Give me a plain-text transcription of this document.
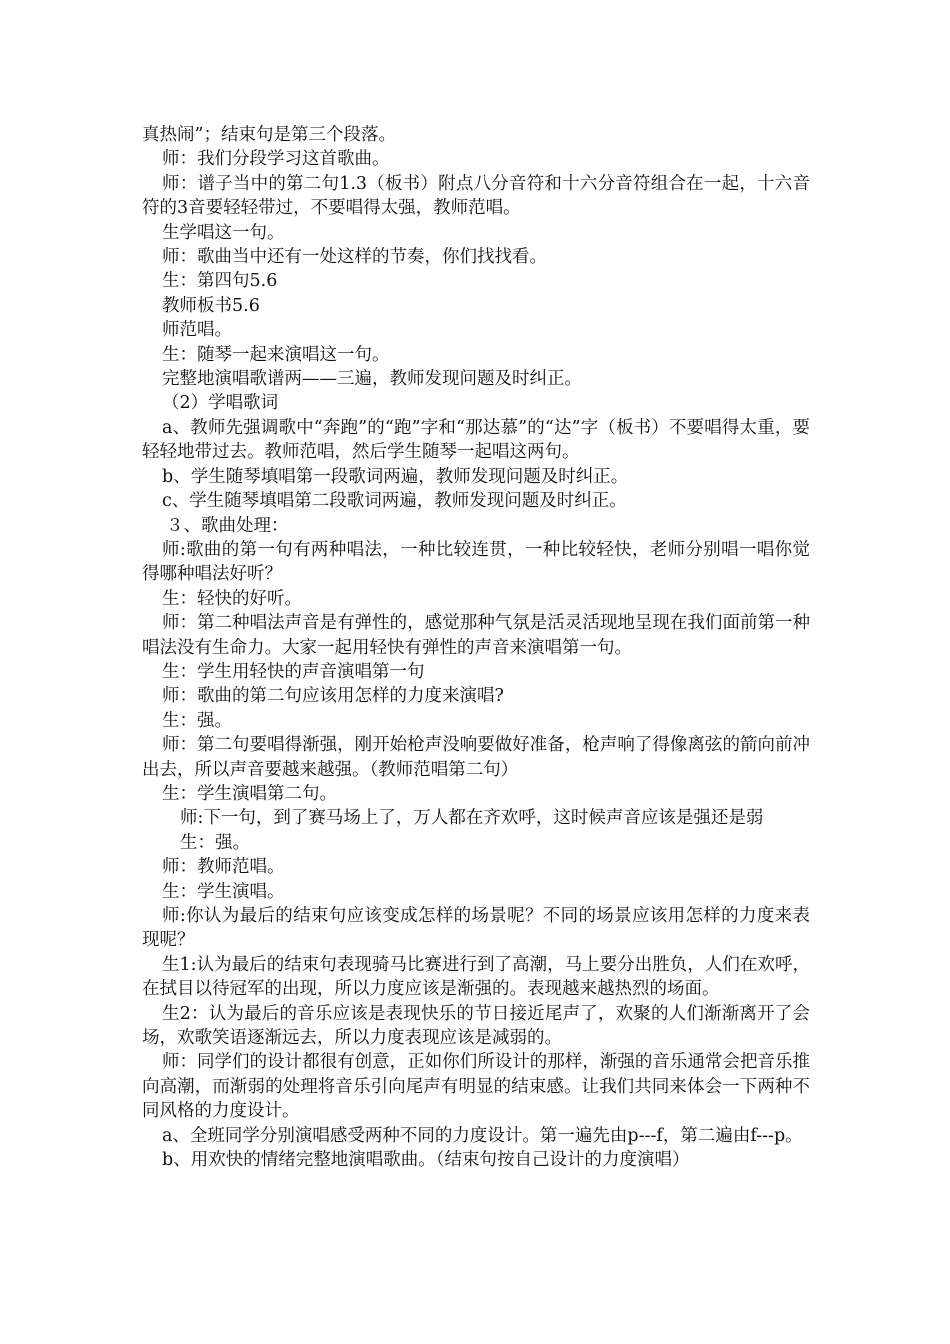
真热闹”；结束句是第三个段落。

师：我们分段学习这首歌曲。

师：谱子当中的第二句1.3（板书）附点八分音符和十六分音符组合在一起，十六音符的3音要轻轻带过，不要唱得太强，教师范唱。

生学唱这一句。

师：歌曲当中还有一处这样的节奏，你们找找看。

生：第四句5.6

教师板书5.6

师范唱。

生：随琴一起来演唱这一句。

完整地演唱歌谱两——三遍，教师发现问题及时纠正。

（2）学唱歌词

a、教师先强调歌中“奔跑”的“跑”字和“那达慕”的“达”字（板书）不要唱得太重，要轻轻地带过去。教师范唱，然后学生随琴一起唱这两句。

b、学生随琴填唱第一段歌词两遍，教师发现问题及时纠正。

c、学生随琴填唱第二段歌词两遍，教师发现问题及时纠正。

３、歌曲处理：

师:歌曲的第一句有两种唱法，一种比较连贯，一种比较轻快，老师分别唱一唱你觉得哪种唱法好听？

生：轻快的好听。

师：第二种唱法声音是有弹性的，感觉那种气氛是活灵活现地呈现在我们面前第一种唱法没有生命力。大家一起用轻快有弹性的声音来演唱第一句。

生：学生用轻快的声音演唱第一句

师：歌曲的第二句应该用怎样的力度来演唱?

生：强。

师：第二句要唱得渐强，刚开始枪声没响要做好准备，枪声响了得像离弦的箭向前冲出去，所以声音要越来越强。（教师范唱第二句）

生：学生演唱第二句。

师:下一句，到了赛马场上了，万人都在齐欢呼，这时候声音应该是强还是弱

生：强。

师：教师范唱。

生：学生演唱。

师:你认为最后的结束句应该变成怎样的场景呢？不同的场景应该用怎样的力度来表现呢？

生1:认为最后的结束句表现骑马比赛进行到了高潮，马上要分出胜负，人们在欢呼，在拭目以待冠军的出现，所以力度应该是渐强的。表现越来越热烈的场面。

生2：认为最后的音乐应该是表现快乐的节日接近尾声了，欢聚的人们渐渐离开了会场，欢歌笑语逐渐远去，所以力度表现应该是减弱的。

师：同学们的设计都很有创意，正如你们所设计的那样，渐强的音乐通常会把音乐推向高潮，而渐弱的处理将音乐引向尾声有明显的结束感。让我们共同来体会一下两种不同风格的力度设计。

a、全班同学分别演唱感受两种不同的力度设计。第一遍先由p---f，第二遍由f---p。

b、用欢快的情绪完整地演唱歌曲。（结束句按自己设计的力度演唱）
